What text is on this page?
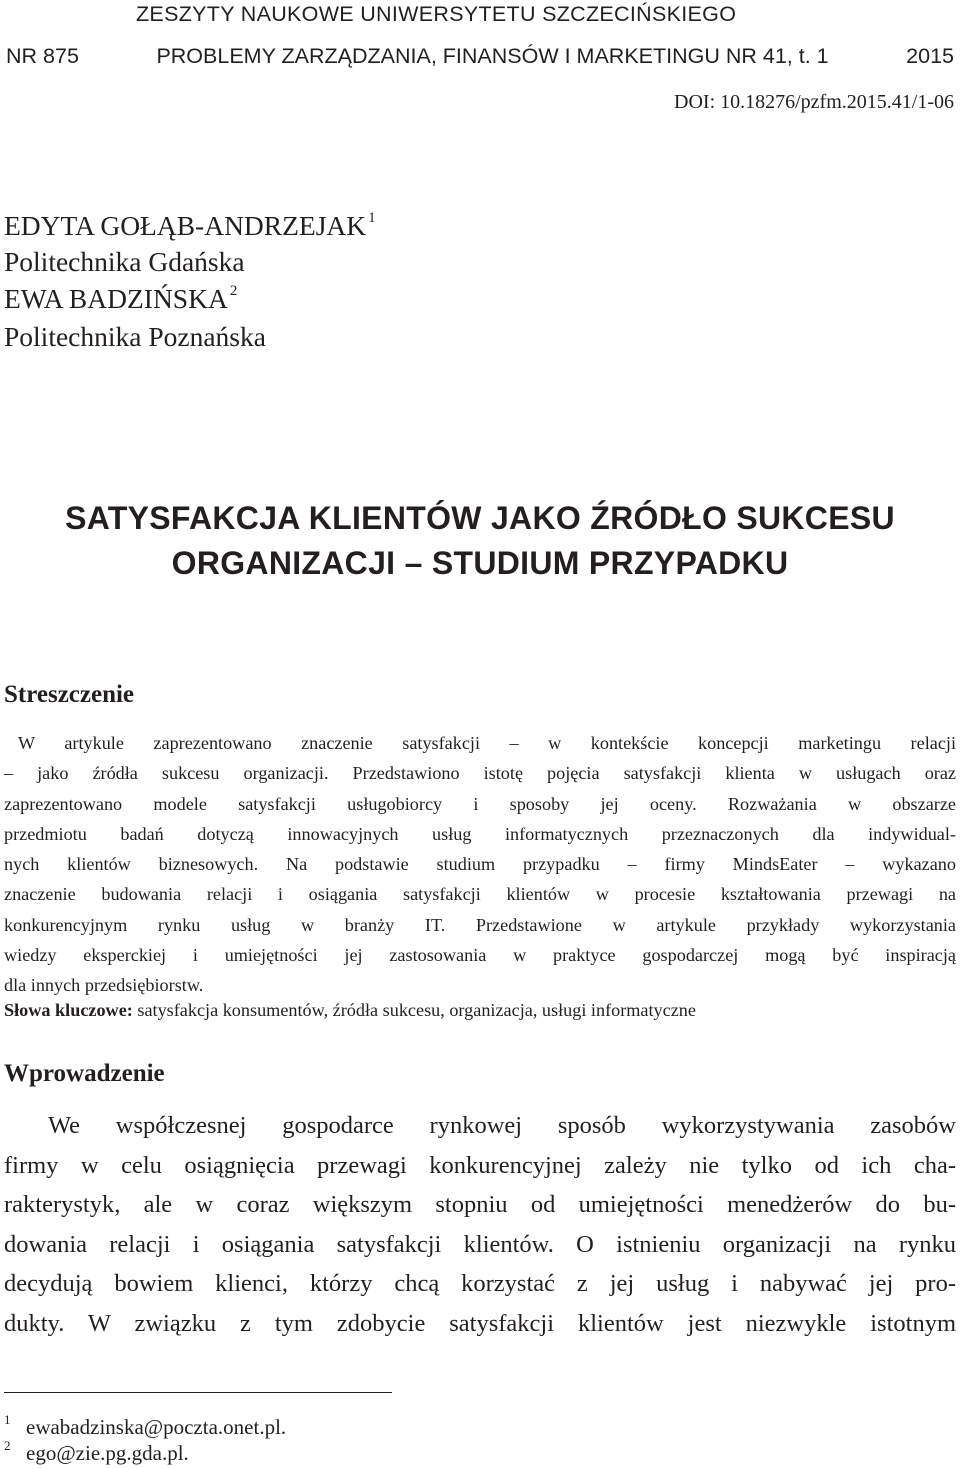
ZESZYTY NAUKOWE UNIWERSYTETU SZCZECIŃSKIEGO
NR 875	PROBLEMY ZARZĄDZANIA, FINANSÓW I MARKETINGU NR 41, t. 1	2015
DOI: 10.18276/pzfm.2015.41/1-06
EDYTA GOŁĄB-ANDRZEJAK $^1$
Politechnika Gdańska
EWA BADZIŃSKA $^2$
Politechnika Poznańska
SATYSFAKCJA KLIENTÓW JAKO ŹRÓDŁO SUKCESU
ORGANIZACJI – STUDIUM PRZYPADKU
Streszczenie
W artykule zaprezentowano znaczenie satysfakcji – w kontekście koncepcji marketingu relacji
– jako źródła sukcesu organizacji. Przedstawiono istotę pojęcia satysfakcji klienta w usługach oraz
zaprezentowano modele satysfakcji usługobiorcy i sposoby jej oceny. Rozważania w obszarze
przedmiotu badań dotyczą innowacyjnych usług informatycznych przeznaczonych dla indywidual-
nych klientów biznesowych. Na podstawie studium przypadku – firmy MindsEater – wykazano
znaczenie budowania relacji i osiągania satysfakcji klientów w procesie kształtowania przewagi na
konkurencyjnym rynku usług w branży IT. Przedstawione w artykule przykłady wykorzystania
wiedzy eksperckiej i umiejętności jej zastosowania w praktyce gospodarczej mogą być inspiracją
dla innych przedsiębiorstw.
Słowa kluczowe: satysfakcja konsumentów, źródła sukcesu, organizacja, usługi informatyczne
Wprowadzenie
We współczesnej gospodarce rynkowej sposób wykorzystywania zasobów
firmy w celu osiągnięcia przewagi konkurencyjnej zależy nie tylko od ich cha-
rakterystyk, ale w coraz większym stopniu od umiejętności menedżerów do bu-
dowania relacji i osiągania satysfakcji klientów. O istnieniu organizacji na rynku
decydują bowiem klienci, którzy chcą korzystać z jej usług i nabywać jej pro-
dukty. W związku z tym zdobycie satysfakcji klientów jest niezwykle istotnym
1 ewabadzinska@poczta.onet.pl.
2 ego@zie.pg.gda.pl.
